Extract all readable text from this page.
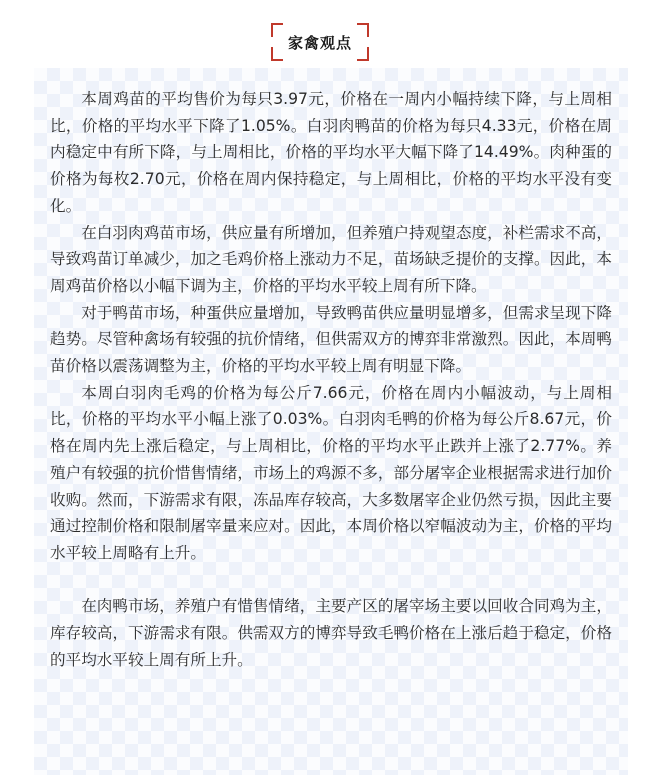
家禽观点

本周鸡苗的平均售价为每只3.97元，价格在一周内小幅持续下降，与上周相比，价格的平均水平下降了1.05%。白羽肉鸭苗的价格为每只4.33元，价格在周内稳定中有所下降，与上周相比，价格的平均水平大幅下降了14.49%。肉种蛋的价格为每枚2.70元，价格在周内保持稳定，与上周相比，价格的平均水平没有变化。

在白羽肉鸡苗市场，供应量有所增加，但养殖户持观望态度，补栏需求不高，导致鸡苗订单减少，加之毛鸡价格上涨动力不足，苗场缺乏提价的支撑。因此，本周鸡苗价格以小幅下调为主，价格的平均水平较上周有所下降。

对于鸭苗市场，种蛋供应量增加，导致鸭苗供应量明显增多，但需求呈现下降趋势。尽管种禽场有较强的抗价情绪，但供需双方的博弈非常激烈。因此，本周鸭苗价格以震荡调整为主，价格的平均水平较上周有明显下降。

本周白羽肉毛鸡的价格为每公斤7.66元，价格在周内小幅波动，与上周相比，价格的平均水平小幅上涨了0.03%。白羽肉毛鸭的价格为每公斤8.67元，价格在周内先上涨后稳定，与上周相比，价格的平均水平止跌并上涨了2.77%。养殖户有较强的抗价惜售情绪，市场上的鸡源不多，部分屠宰企业根据需求进行加价收购。然而，下游需求有限，冻品库存较高，大多数屠宰企业仍然亏损，因此主要通过控制价格和限制屠宰量来应对。因此，本周价格以窄幅波动为主，价格的平均水平较上周略有上升。

在肉鸭市场，养殖户有惜售情绪，主要产区的屠宰场主要以回收合同鸡为主，库存较高，下游需求有限。供需双方的博弈导致毛鸭价格在上涨后趋于稳定，价格的平均水平较上周有所上升。
